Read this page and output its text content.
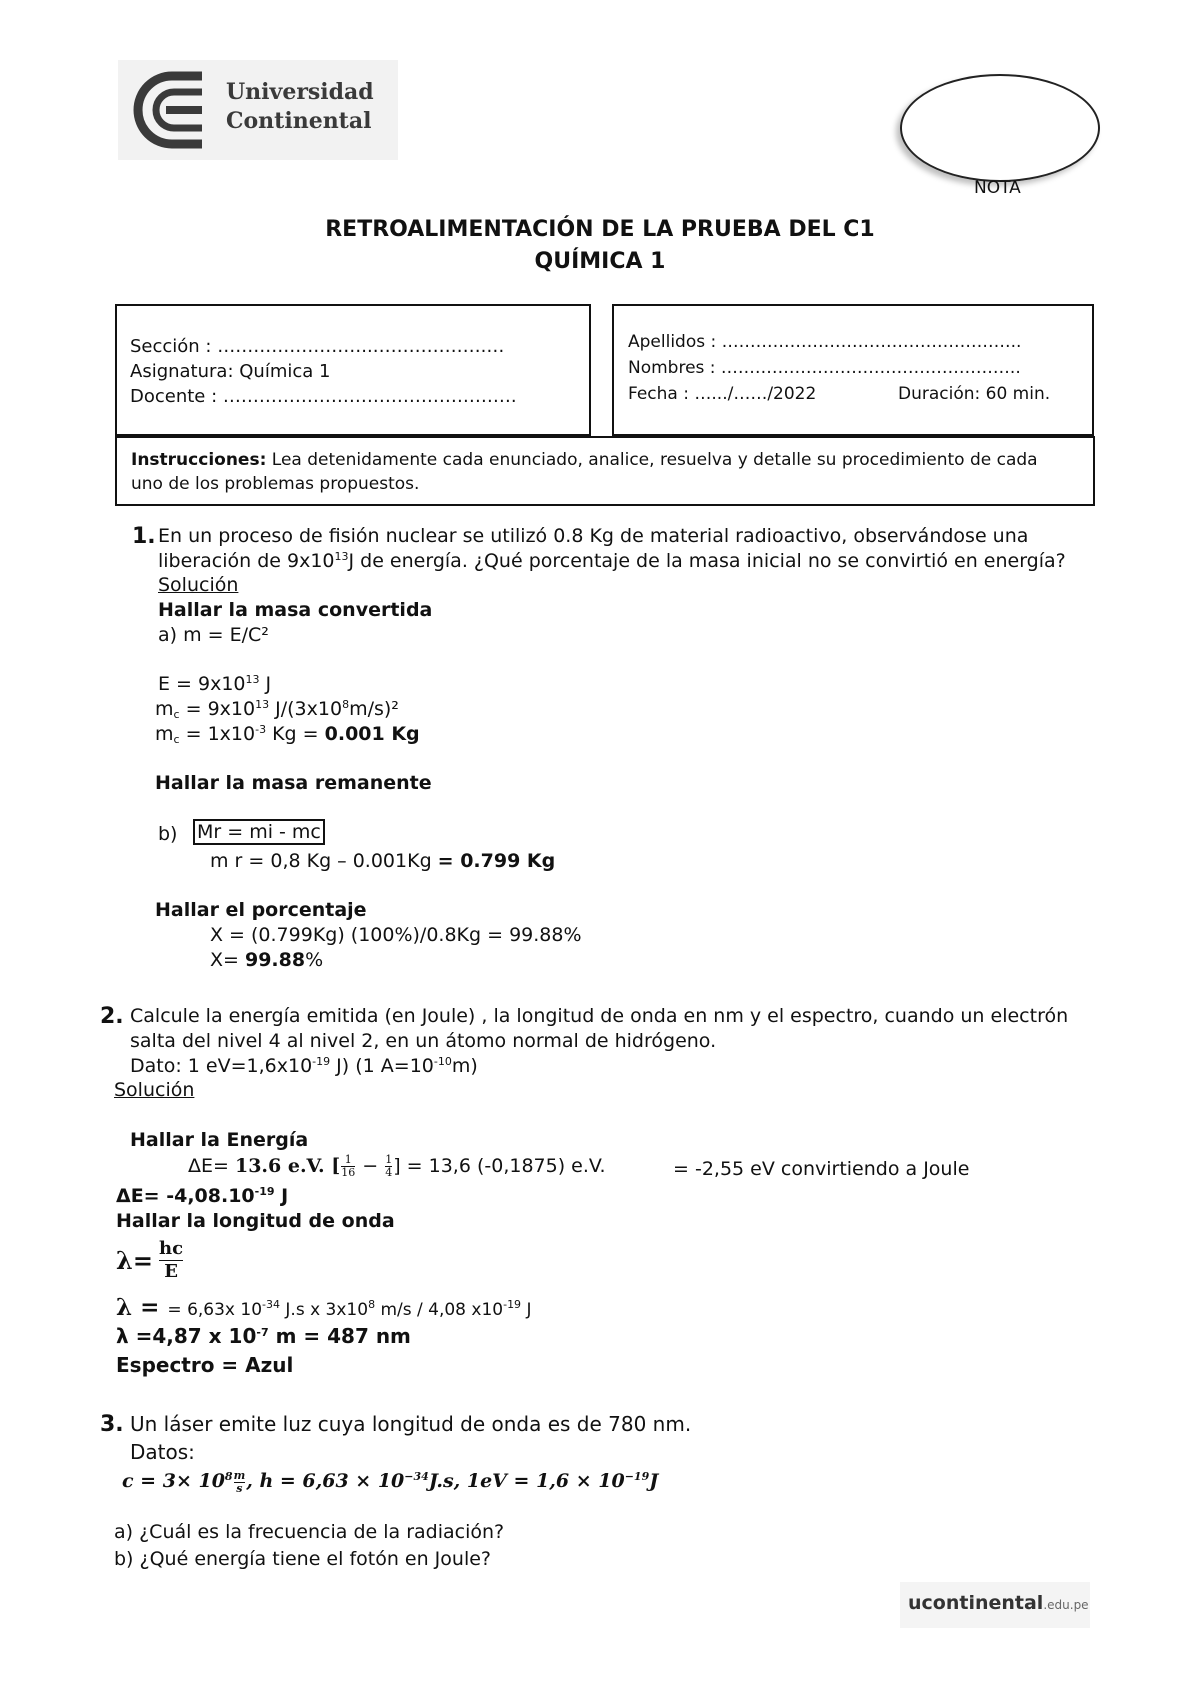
Universidad
Continental
NOTA
RETROALIMENTACIÓN DE LA PRUEBA DEL C1
QUÍMICA 1
Sección : ……………………..……………….…
Asignatura: Química 1
Docente : ………………………………………….
Apellidos : ……………………………………………..
Nombres : ……………………………………………..
Fecha : ….../……/2022	Duración: 60 min.
Instrucciones: Lea detenidamente cada enunciado, analice, resuelva y detalle su procedimiento de cada
uno de los problemas propuestos.
1. En un proceso de fisión nuclear se utilizó 0.8 Kg de material radioactivo, observándose una
liberación de $9x10^{13}J$ de energía. ¿Qué porcentaje de la masa inicial no se convirtió en energía?
Solución
Hallar la masa convertida
a) m = E/C²
$E = 9x10^{13}$ J
$m_c = 9x10^{13}$ $J/(3x10^8m/s)^2$
$m_c = 1x10^{-3}$ Kg = 0.001 Kg
Hallar la masa remanente
b) Mr = mi - mc
m r = 0,8 Kg – 0.001Kg = 0.799 Kg
Hallar el porcentaje
X = (0.799Kg) (100%)/0.8Kg = 99.88%
X= 99.88%
2. Calcule la energía emitida (en Joule) , la longitud de onda en nm y el espectro, cuando un electrón
salta del nivel 4 al nivel 2, en un átomo normal de hidrógeno.
Dato: 1 $eV=1,6x10^{-19}$ J) (1 $A=10^{-10}m$)
Solución
Hallar la Energía
ΔE= 13.6 e.V. [ $\frac{1}{16} - \frac{1}{4}$ ] = 13,6 (-0,1875) e.V.	= -2,55 eV convirtiendo a Joule
$\Delta E= -4,08.10^{-19}$ J
Hallar la longitud de onda
$\lambda= \frac{hc}{E}$
λ = = 6,63x $10^{-34}$ J.s x $3x10^8$ m/s / 4,08 $x10^{-19}$ J
λ =4,87 x $10^{-7}$ m = 487 nm
Espectro = Azul
3. Un láser emite luz cuya longitud de onda es de 780 nm.
Datos:
$c = 3\times 10^8 \frac{m}{s}$ , $h = 6,63 \times 10^{-34}J.s$, $1eV = 1,6 \times 10^{-19}J$
a) ¿Cuál es la frecuencia de la radiación?
b) ¿Qué energía tiene el fotón en Joule?
ucontinental.edu.pe
